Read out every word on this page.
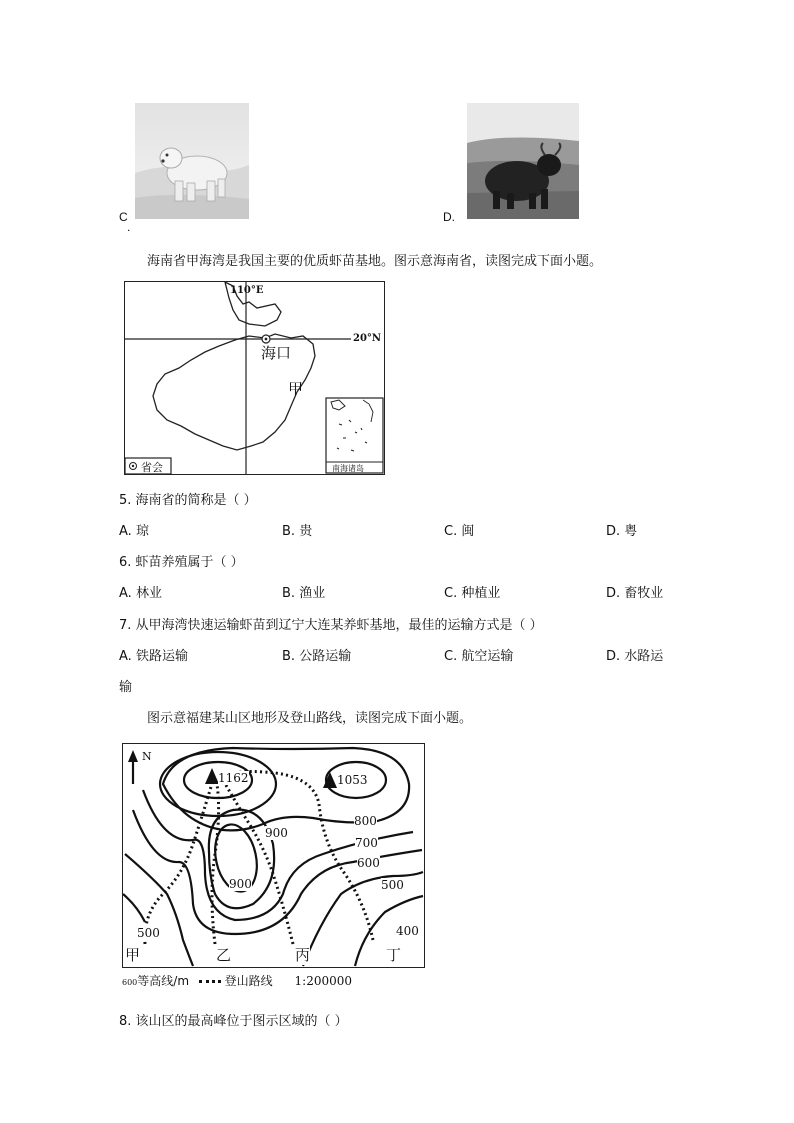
C
.
D.
海南省甲海湾是我国主要的优质虾苗基地。图示意海南省，读图完成下面小题。
110°E
20°N
海口
甲
省会	南海诸岛
5. 海南省的简称是（ ）
A. 琼	B. 贵	C. 闽	D. 粤
6. 虾苗养殖属于（ ）
A. 林业	B. 渔业	C. 种植业	D. 畜牧业
7. 从甲海湾快速运输虾苗到辽宁大连某养虾基地，最佳的运输方式是（ ）
A. 铁路运输	B. 公路运输	C. 航空运输	D. 水路运
输
图示意福建某山区地形及登山路线，读图完成下面小题。
N
1162	1053
900
800
700
600
500
900
500	400
甲	乙	丙	丁
600等高线/m	登山路线 1:200000
8. 该山区的最高峰位于图示区域的（ ）
